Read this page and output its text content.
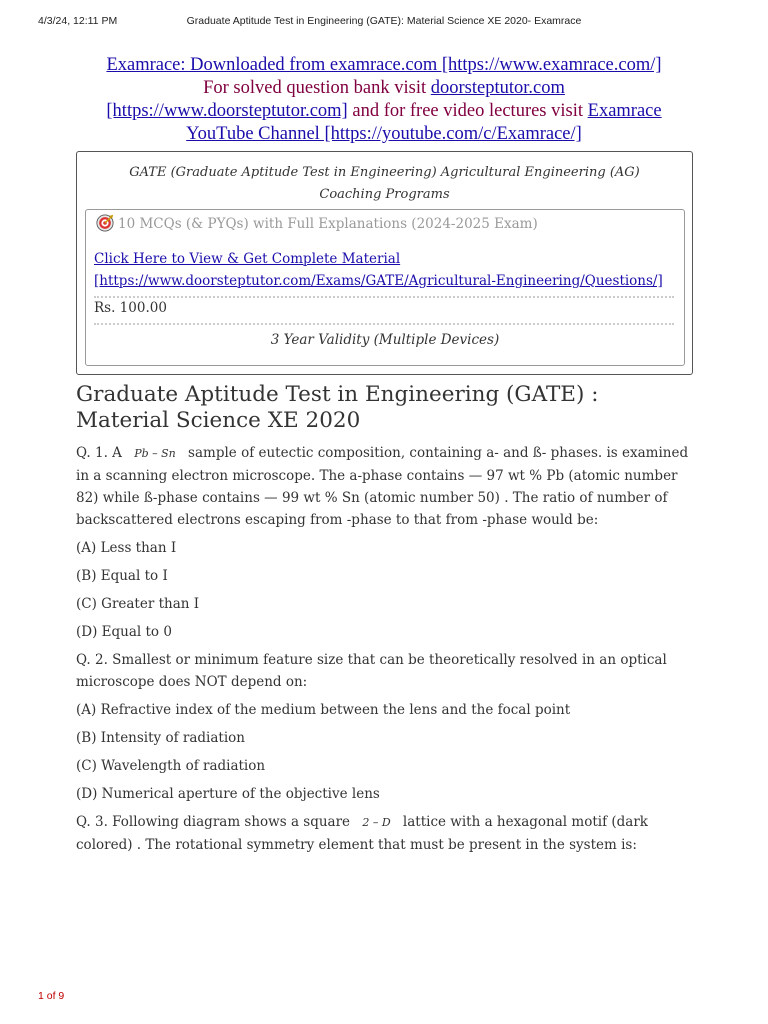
4/3/24, 12:11 PM	Graduate Aptitude Test in Engineering (GATE): Material Science XE 2020- Examrace
Examrace: Downloaded from examrace.com [https://www.examrace.com/]
For solved question bank visit doorsteptutor.com
[https://www.doorsteptutor.com] and for free video lectures visit Examrace
YouTube Channel [https://youtube.com/c/Examrace/]
GATE (Graduate Aptitude Test in Engineering) Agricultural Engineering (AG) Coaching Programs
10 MCQs (& PYQs) with Full Explanations (2024-2025 Exam)
Click Here to View & Get Complete Material
[https://www.doorsteptutor.com/Exams/GATE/Agricultural-Engineering/Questions/]
Rs. 100.00
3 Year Validity (Multiple Devices)
Graduate Aptitude Test in Engineering (GATE) : Material Science XE 2020

Q. 1. A Pb – Sn sample of eutectic composition, containing a- and ß- phases. is examined in a scanning electron microscope. The a-phase contains — 97 wt % Pb (atomic number 82) while ß-phase contains — 99 wt % Sn (atomic number 50) . The ratio of number of backscattered electrons escaping from -phase to that from -phase would be:

(A) Less than I

(B) Equal to I

(C) Greater than I

(D) Equal to 0

Q. 2. Smallest or minimum feature size that can be theoretically resolved in an optical microscope does NOT depend on:

(A) Refractive index of the medium between the lens and the focal point

(B) Intensity of radiation

(C) Wavelength of radiation

(D) Numerical aperture of the objective lens

Q. 3. Following diagram shows a square 2 – D lattice with a hexagonal motif (dark colored) . The rotational symmetry element that must be present in the system is:

1 of 9
